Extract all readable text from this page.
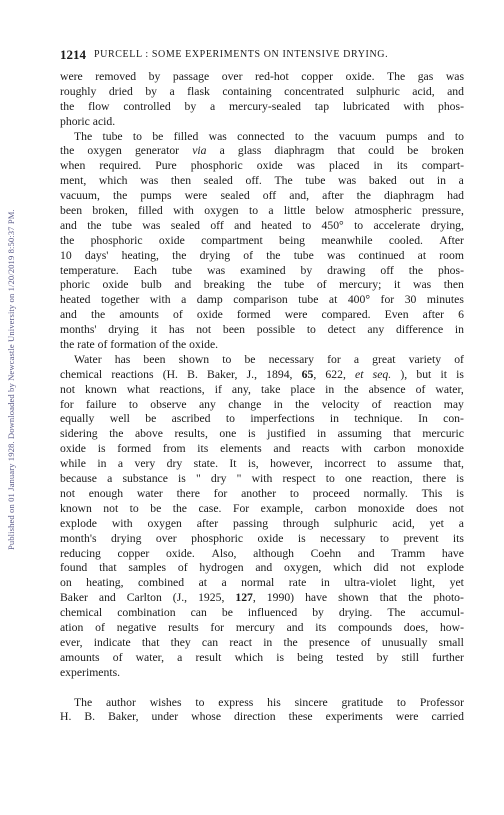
Published on 01 January 1928. Downloaded by Newcastle University on 1/20/2019 8:50:37 PM.
1214 PURCELL : SOME EXPERIMENTS ON INTENSIVE DRYING.
were removed by passage over red-hot copper oxide. The gas was
roughly dried by a flask containing concentrated sulphuric acid, and
the flow controlled by a mercury-sealed tap lubricated with phos-
phoric acid.
The tube to be filled was connected to the vacuum pumps and to
the oxygen generator via a glass diaphragm that could be broken
when required. Pure phosphoric oxide was placed in its compart-
ment, which was then sealed off. The tube was baked out in a
vacuum, the pumps were sealed off and, after the diaphragm had
been broken, filled with oxygen to a little below atmospheric pressure,
and the tube was sealed off and heated to 450° to accelerate drying,
the phosphoric oxide compartment being meanwhile cooled. After
10 days' heating, the drying of the tube was continued at room
temperature. Each tube was examined by drawing off the phos-
phoric oxide bulb and breaking the tube of mercury; it was then
heated together with a damp comparison tube at 400° for 30 minutes
and the amounts of oxide formed were compared. Even after 6
months' drying it has not been possible to detect any difference in
the rate of formation of the oxide.
Water has been shown to be necessary for a great variety of
chemical reactions (H. B. Baker, J., 1894, 65, 622, et seq. ), but it is
not known what reactions, if any, take place in the absence of water,
for failure to observe any change in the velocity of reaction may
equally well be ascribed to imperfections in technique. In con-
sidering the above results, one is justified in assuming that mercuric
oxide is formed from its elements and reacts with carbon monoxide
while in a very dry state. It is, however, incorrect to assume that,
because a substance is " dry " with respect to one reaction, there is
not enough water there for another to proceed normally. This is
known not to be the case. For example, carbon monoxide does not
explode with oxygen after passing through sulphuric acid, yet a
month's drying over phosphoric oxide is necessary to prevent its
reducing copper oxide. Also, although Coehn and Tramm have
found that samples of hydrogen and oxygen, which did not explode
on heating, combined at a normal rate in ultra-violet light, yet
Baker and Carlton (J., 1925, 127, 1990) have shown that the photo-
chemical combination can be influenced by drying. The accumul-
ation of negative results for mercury and its compounds does, how-
ever, indicate that they can react in the presence of unusually small
amounts of water, a result which is being tested by still further
experiments.
The author wishes to express his sincere gratitude to Professor
H. B. Baker, under whose direction these experiments were carried
